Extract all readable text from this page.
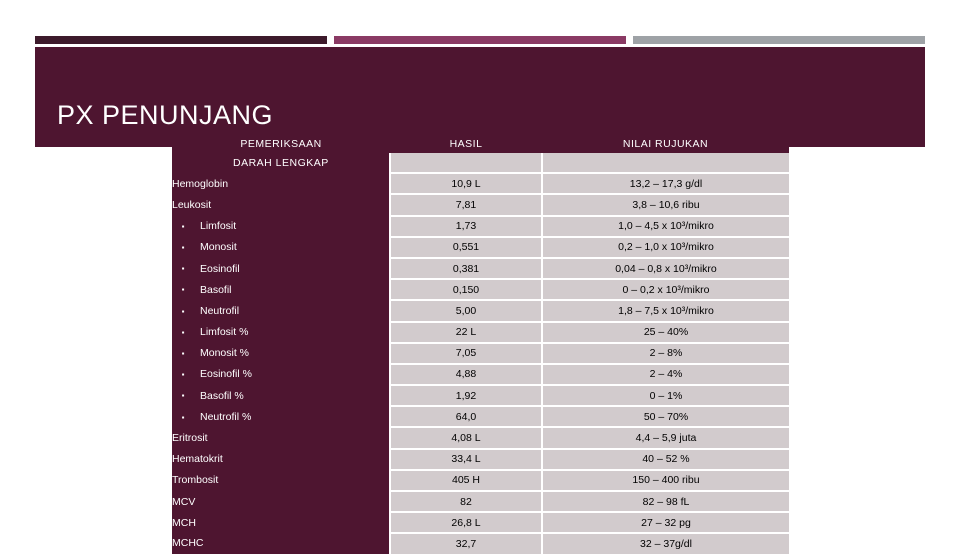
PX PENUNJANG
PEMERIKSAAN	HASIL	NILAI RUJUKAN
DARAH LENGKAP		
Hemoglobin	10,9 L	13,2 – 17,3 g/dl
Leukosit	7,81	3,8 – 10,6 ribu
▪ Limfosit	1,73	1,0 – 4,5 x 10³/mikro
▪ Monosit	0,551	0,2 – 1,0 x 10³/mikro
▪ Eosinofil	0,381	0,04 – 0,8 x 10³/mikro
▪ Basofil	0,150	0 – 0,2 x 10³/mikro
▪ Neutrofil	5,00	1,8 – 7,5 x 10³/mikro
▪ Limfosit %	22 L	25 – 40%
▪ Monosit %	7,05	2 – 8%
▪ Eosinofil %	4,88	2 – 4%
▪ Basofil %	1,92	0 – 1%
▪ Neutrofil %	64,0	50 – 70%
Eritrosit	4,08 L	4,4 – 5,9 juta
Hematokrit	33,4 L	40 – 52 %
Trombosit	405 H	150 – 400 ribu
MCV	82	82 – 98 fL
MCH	26,8 L	27 – 32 pg
MCHC	32,7	32 – 37g/dl
